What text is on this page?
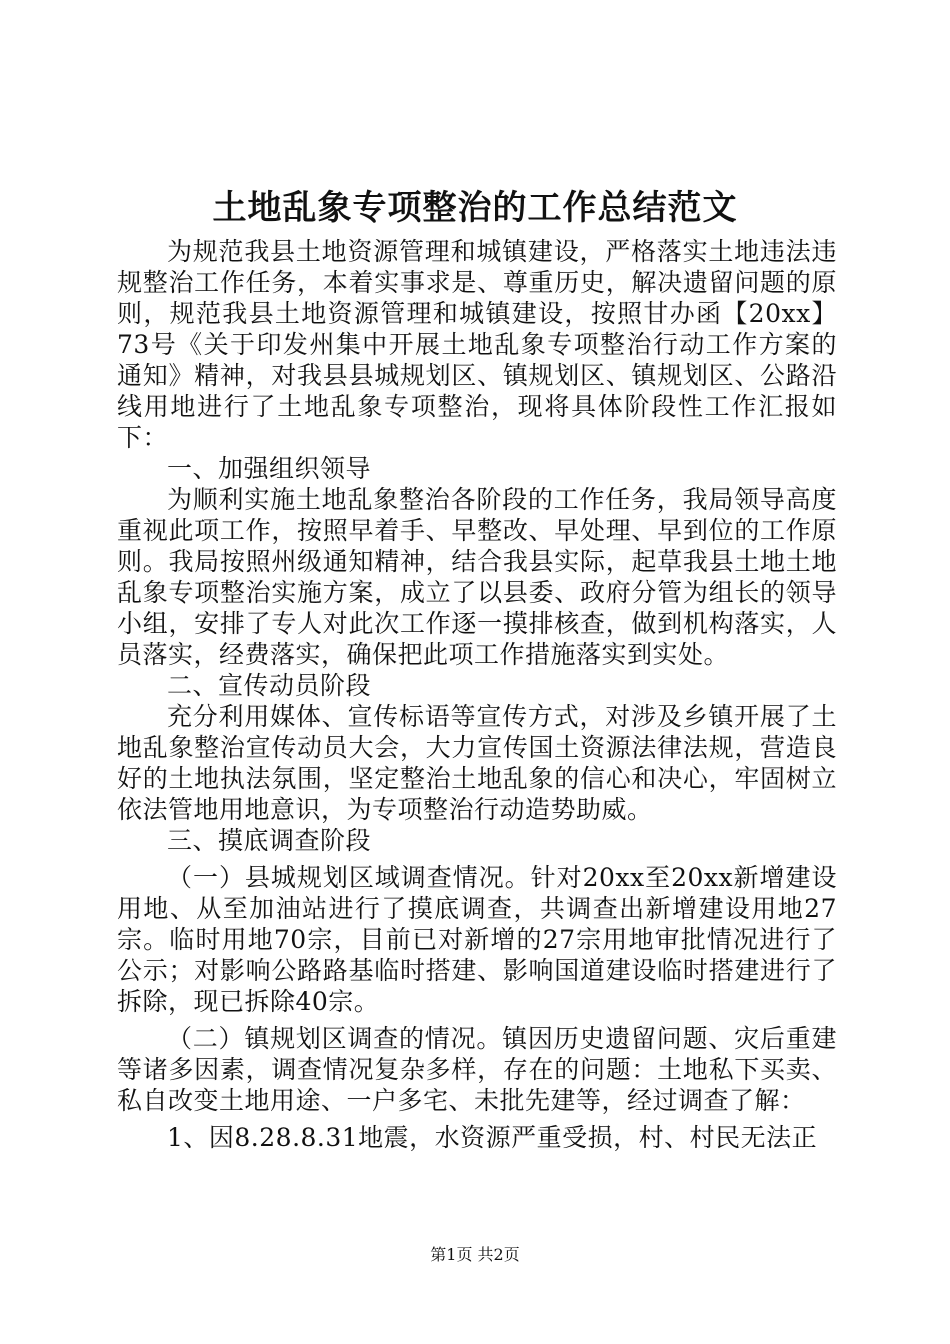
土地乱象专项整治的工作总结范文

为规范我县土地资源管理和城镇建设，严格落实土地违法违规整治工作任务，本着实事求是、尊重历史，解决遗留问题的原则，规范我县土地资源管理和城镇建设，按照甘办函【20xx】73号《关于印发州集中开展土地乱象专项整治行动工作方案的通知》精神，对我县县城规划区、镇规划区、镇规划区、公路沿线用地进行了土地乱象专项整治，现将具体阶段性工作汇报如下：

一、加强组织领导

为顺利实施土地乱象整治各阶段的工作任务，我局领导高度重视此项工作，按照早着手、早整改、早处理、早到位的工作原则。我局按照州级通知精神，结合我县实际，起草我县土地土地乱象专项整治实施方案，成立了以县委、政府分管为组长的领导小组，安排了专人对此次工作逐一摸排核查，做到机构落实，人员落实，经费落实，确保把此项工作措施落实到实处。

二、宣传动员阶段

充分利用媒体、宣传标语等宣传方式，对涉及乡镇开展了土地乱象整治宣传动员大会，大力宣传国土资源法律法规，营造良好的土地执法氛围，坚定整治土地乱象的信心和决心，牢固树立依法管地用地意识，为专项整治行动造势助威。

三、摸底调查阶段

（一）县城规划区域调查情况。针对20xx至20xx新增建设用地、从至加油站进行了摸底调查，共调查出新增建设用地27宗。临时用地70宗，目前已对新增的27宗用地审批情况进行了公示；对影响公路路基临时搭建、影响国道建设临时搭建进行了拆除，现已拆除40宗。

（二）镇规划区调查的情况。镇因历史遗留问题、灾后重建等诸多因素，调查情况复杂多样，存在的问题：土地私下买卖、私自改变土地用途、一户多宅、未批先建等，经过调查了解：

1、因8.28.8.31地震，水资源严重受损，村、村民无法正

第1页 共2页
